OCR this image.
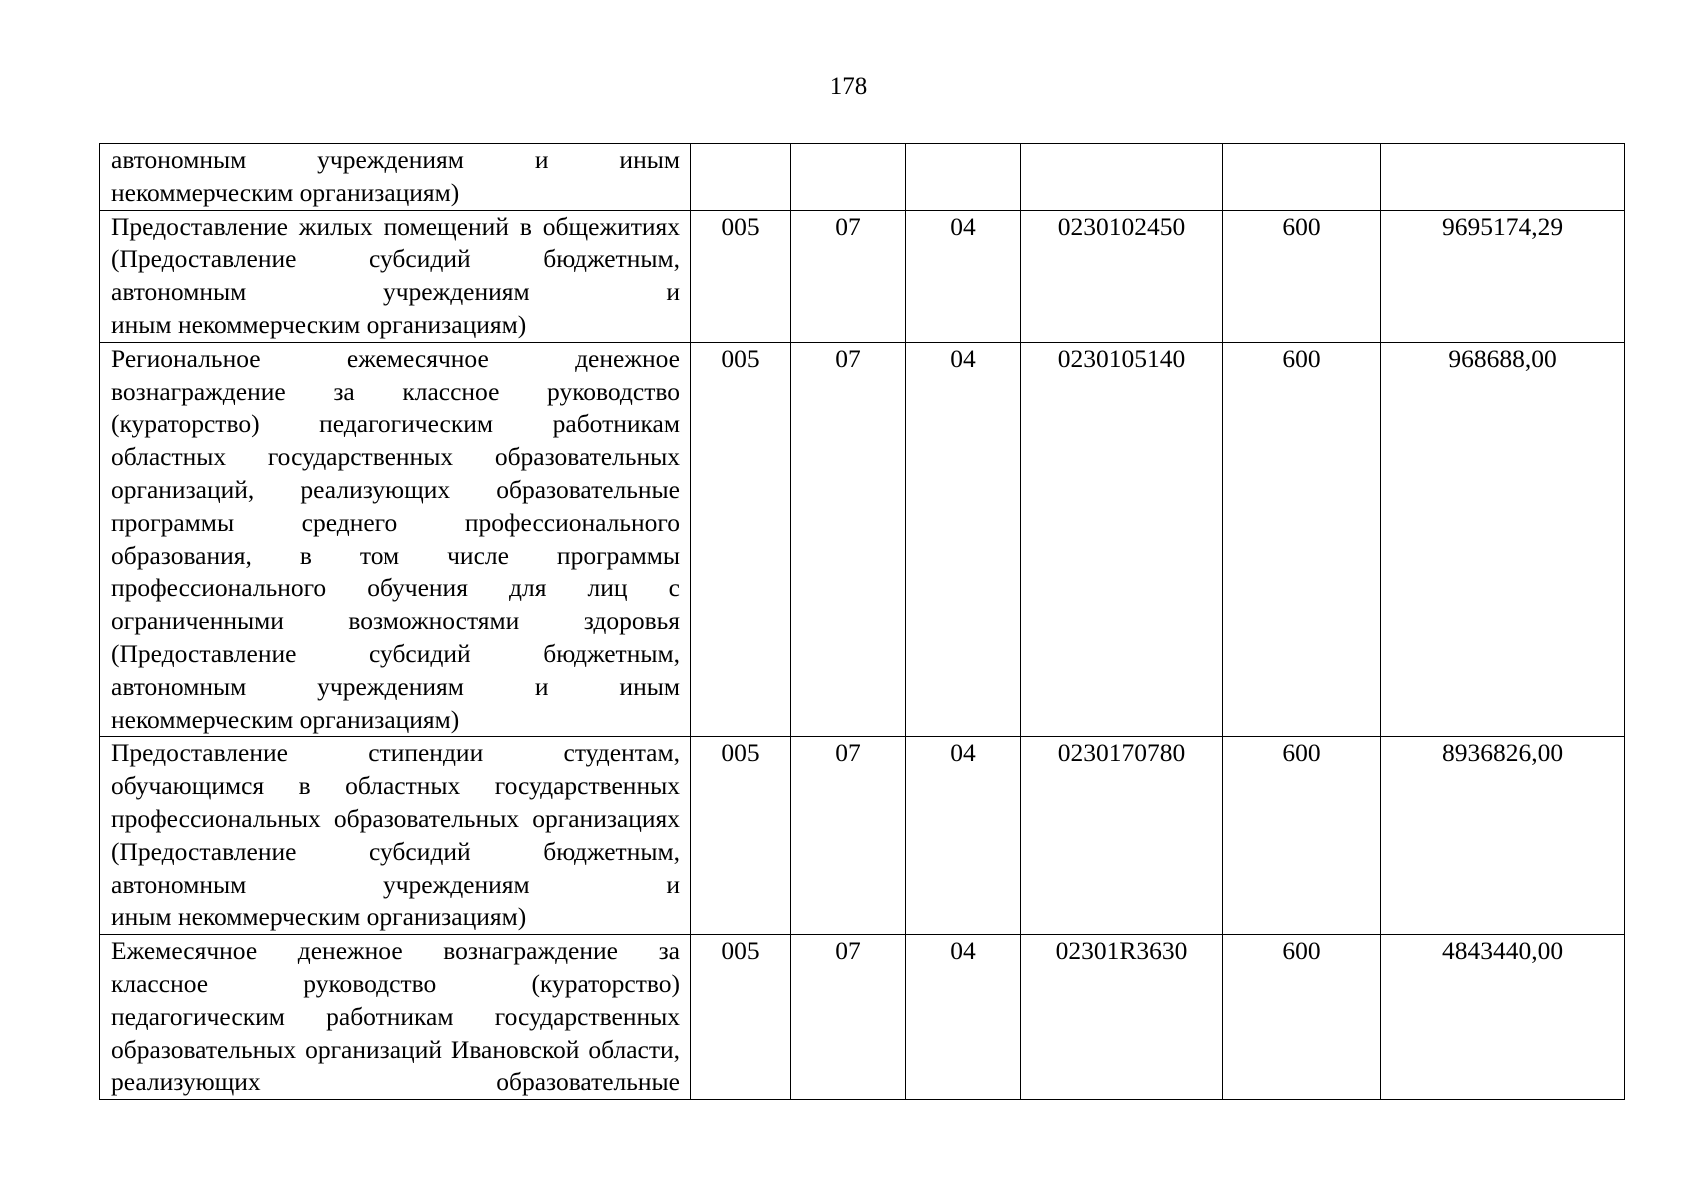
178
автономным учреждениям и иным
некоммерческим организациям)						

Предоставление жилых помещений в общежитиях (Предоставление субсидий бюджетным, автономным учреждениям и
иным некоммерческим организациям)	005	07	04	0230102450	600	9695174,29
Региональное ежемесячное денежное вознаграждение за классное руководство (кураторство) педагогическим работникам областных государственных образовательных организаций, реализующих образовательные программы среднего профессионального образования, в том числе программы профессионального обучения для лиц с ограниченными возможностями здоровья (Предоставление субсидий бюджетным, автономным учреждениям и иным
некоммерческим организациям)	005	07	04	0230105140	600	968688,00
Предоставление стипендии студентам, обучающимся в областных государственных профессиональных образовательных организациях (Предоставление субсидий бюджетным, автономным учреждениям и
иным некоммерческим организациям)	005	07	04	0230170780	600	8936826,00
Ежемесячное денежное вознаграждение за классное руководство (кураторство) педагогическим работникам государственных образовательных организаций Ивановской области, реализующих образовательные	005	07	04	02301R3630	600	4843440,00
